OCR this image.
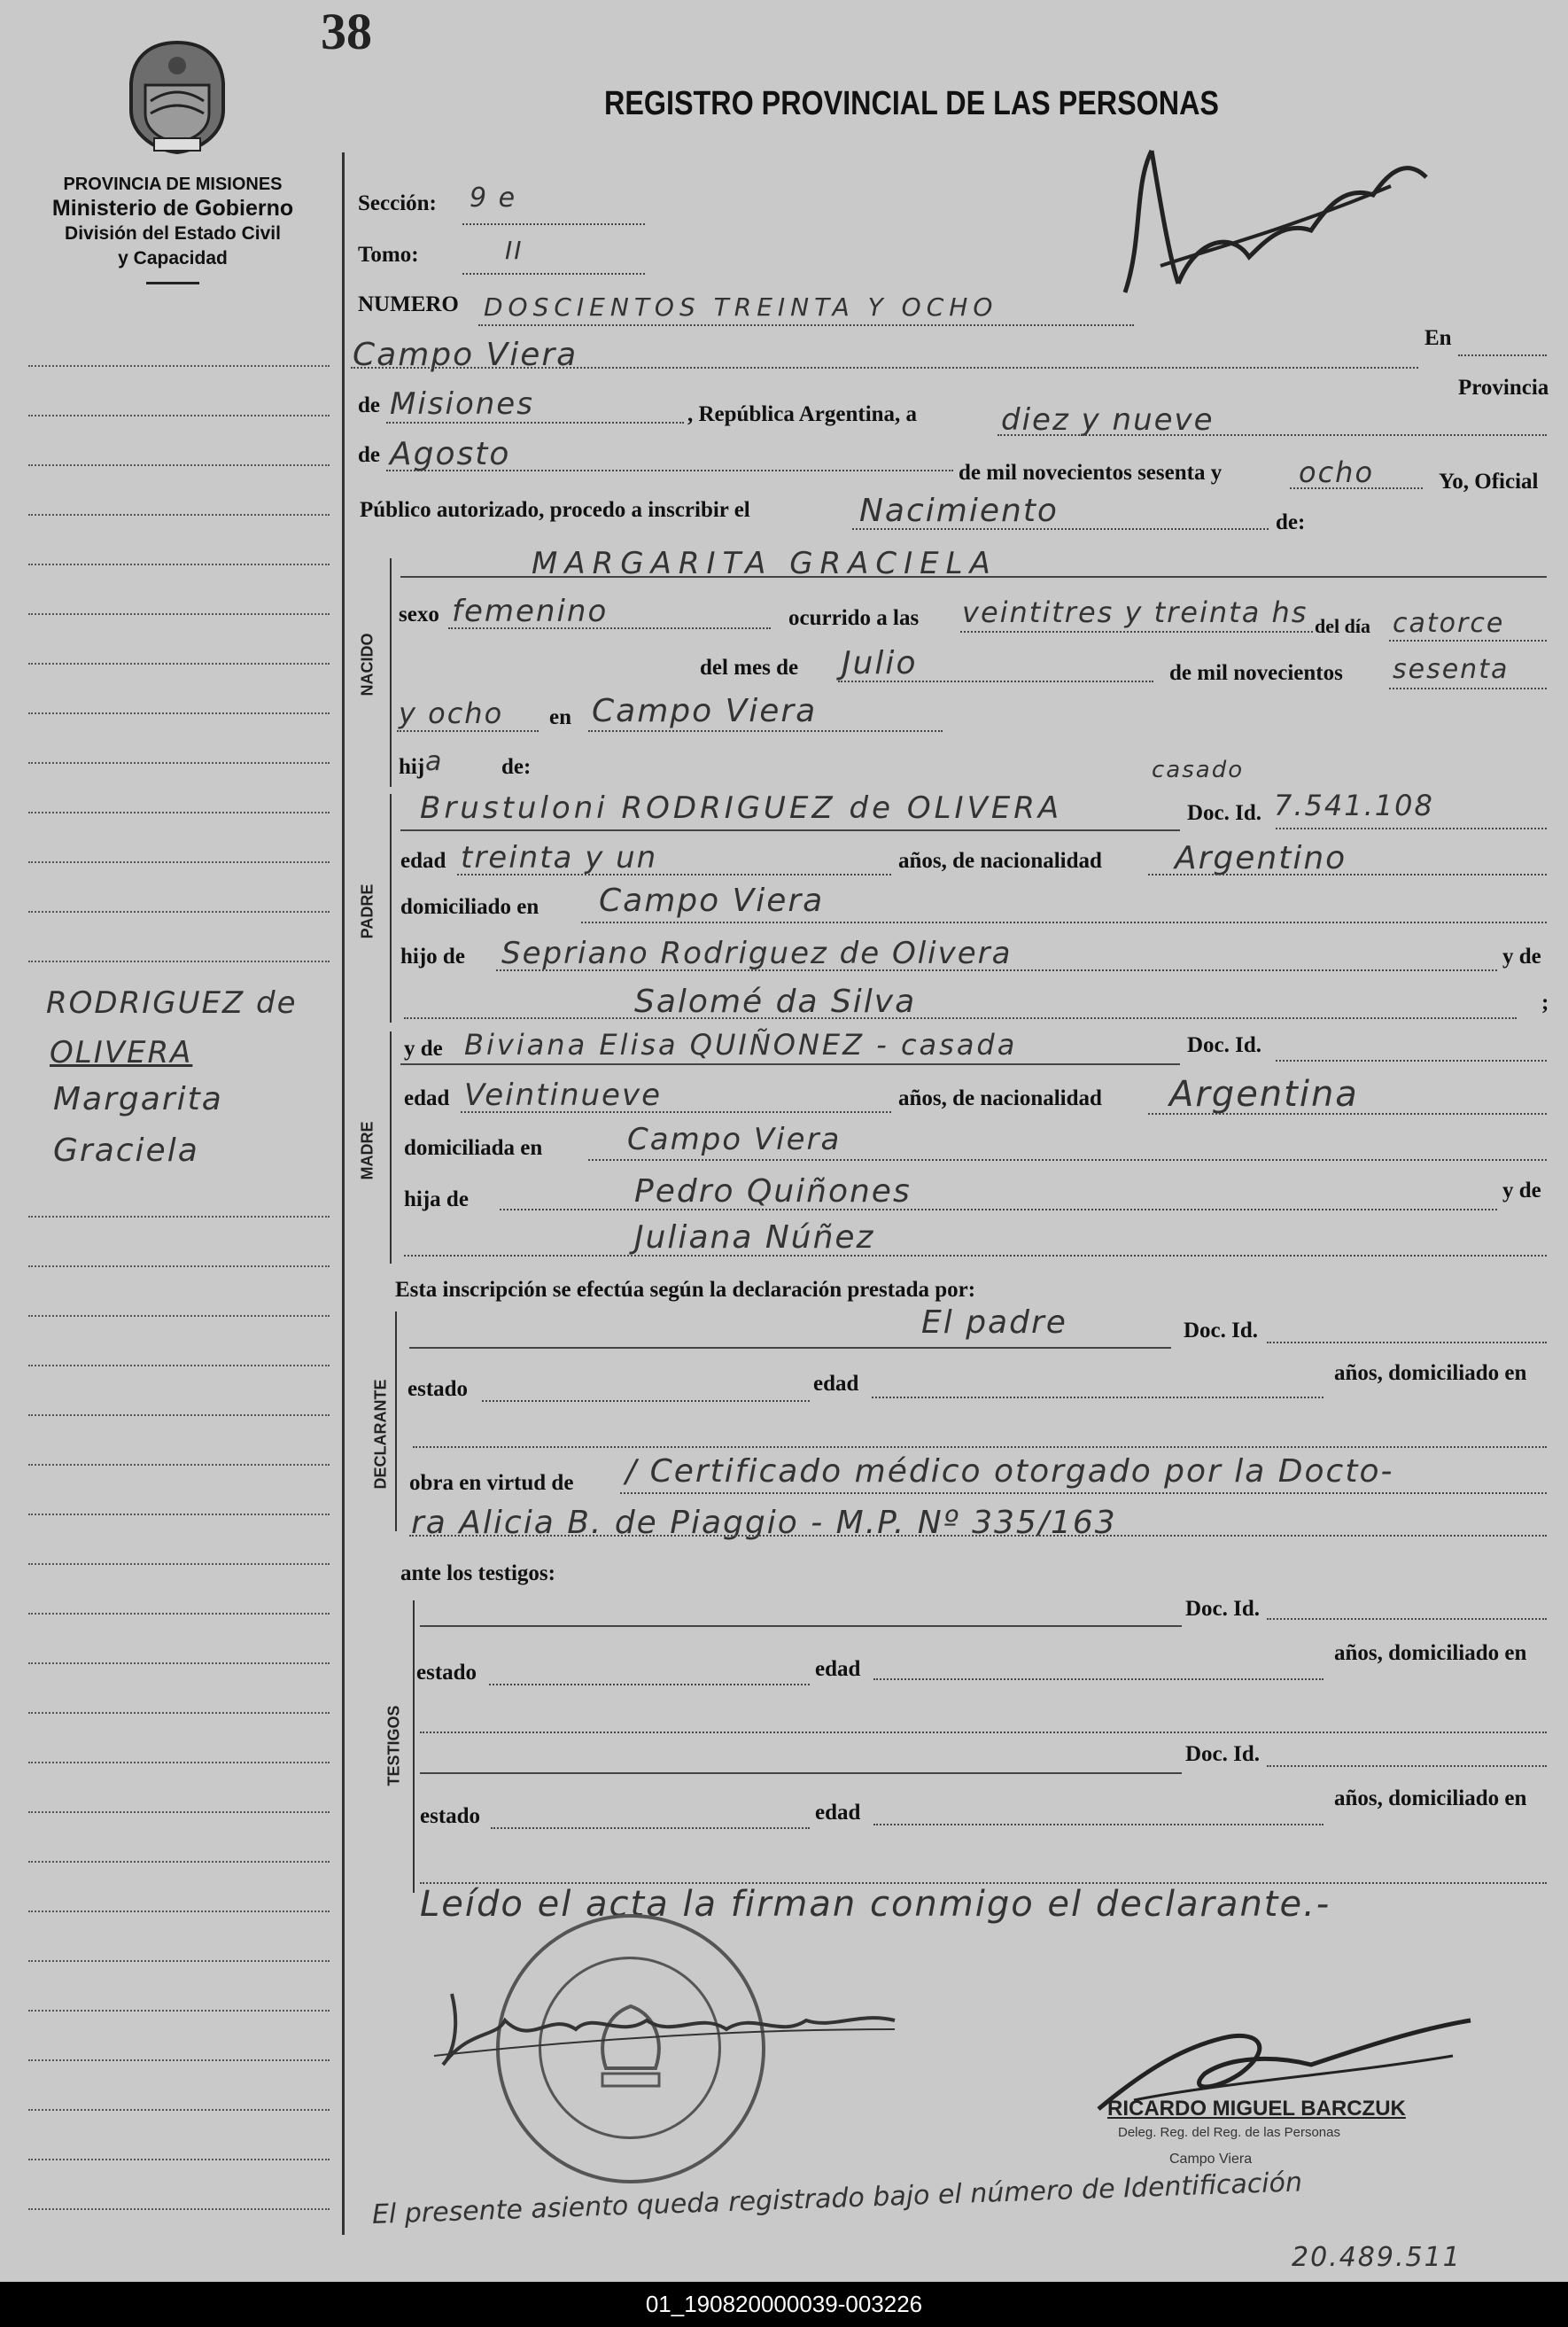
38
PROVINCIA DE MISIONES
Ministerio de Gobierno
División del Estado Civil
y Capacidad
RODRIGUEZ de
OLIVERA
Margarita
Graciela
REGISTRO PROVINCIAL DE LAS PERSONAS
Sección: 9 e
Tomo:	II
NUMERO DOSCIENTOS TREINTA Y OCHO
Campo Viera	En
Provincia
de Misiones	, República Argentina, a	diez y nueve
de Agosto
de mil novecientos sesenta y	ocho	Yo, Oficial
Público autorizado, procedo a inscribir el	Nacimiento	de:
NACIDO
MARGARITA GRACIELA
sexo femenino	ocurrido a las veintitres y treinta hs del día catorce
del mes de Julio	de mil novecientos sesenta
y ocho en Campo Viera
hij a	de:
PADRE
casado
Brustuloni RODRIGUEZ de OLIVERA	Doc. Id. 7.541.108
edad treinta y un	años, de nacionalidad Argentino
domiciliado en Campo Viera
hijo de Sepriano Rodriguez de Olivera	y de
Salomé da Silva	;
MADRE
y de Biviana Elisa QUIÑONEZ - casada	Doc. Id.
edad Veintinueve	años, de nacionalidad Argentina
domiciliada en	Campo Viera
hija de	Pedro Quiñones	y de
Juliana Núñez
Esta inscripción se efectúa según la declaración prestada por:
DECLARANTE
El padre	Doc. Id.
estado	edad	años, domiciliado en
obra en virtud de / Certificado médico otorgado por la Docto-
ra Alicia B. de Piaggio - M.P. Nº 335/163
ante los testigos:
TESTIGOS
Doc. Id.
estado	edad
años, domiciliado en
Doc. Id.
estado	edad
años, domiciliado en
Leído el acta la firman conmigo el declarante.-
RICARDO MIGUEL BARCZUK
Deleg. Reg. del Reg. de las Personas
Campo Viera
El presente asiento queda registrado bajo el número de Identificación
20.489.511
01_190820000039-003226
